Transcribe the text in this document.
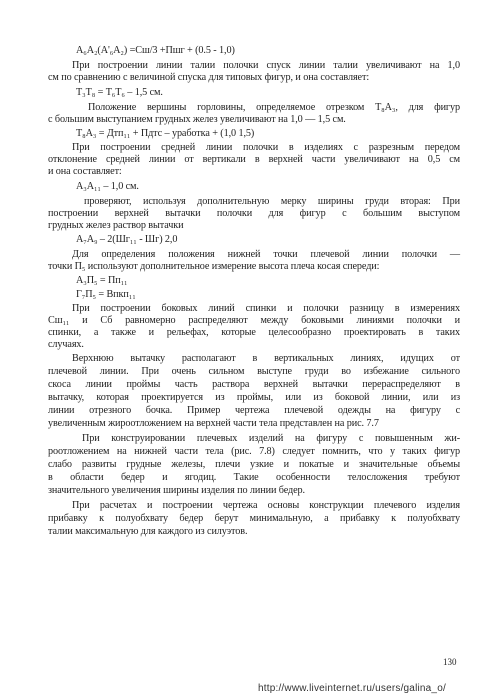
A₆A₂(A'₆A₂) =Сш/3 +Пшг + (0.5 - 1,0)
При построении линии талии полочки спуск линии талии увеличивают на 1,0
см по сравнению с величиной спуска для типовых фигур, и она составляет:
Т₃Т₈ = Т₆Т₆ – 1,5 см.
Положение вершины горловины, определяемое отрезком Т₈А₃, для фигур
с большим выступанием грудных желез увеличивают на 1,0 — 1,5 см.
Т₈А₃ = Дтп₁₁ + Пдтс – уработка + (1,0 1,5)
При построении средней линии полочки в изделиях с разрезным передом
отклонение средней линии от вертикали в верхней части увеличивают на 0,5 см
и она составляет:
А₃А₁₁ – 1,0 см.
проверяют, используя дополнительную мерку ширины груди вторая: При
построении верхней вытачки полочки для фигур с большим выступом
грудных желез раствор вытачки
А₇А₉ – 2(Шг₁₁ - Шг) 2,0
Для определения положения нижней точки плечевой линии полочки —
точки П₅ используют дополнительное измерение высота плеча косая спереди:
А₃П₅ = Пп₁₁
Г₇П₅ = Впкп₁₁
При построении боковых линий спинки и полочки разницу в измерениях
Сш₁₁ и Сб равномерно распределяют между боковыми линиями полочки и
спинки, а также и рельефах, которые целесообразно проектировать в таких
случаях.
Верхнюю вытачку располагают в вертикальных линиях, идущих от
плечевой линии. При очень сильном выступе груди во избежание сильного
скоса линии проймы часть раствора верхней вытачки перераспределяют в
вытачку, которая проектируется из проймы, или из боковой линии, или из
линии отрезного бочка. Пример чертежа плечевой одежды на фигуру с
увеличенным жироотложением на верхней части тела представлен на рис. 7.7
При конструировании плечевых изделий на фигуру с повышенным жи-
роотложением на нижней части тела (рис. 7.8) следует помнить, что у таких фигур
слабо развиты грудные железы, плечи узкие и покатые и значительные объемы
в области бедер и ягодиц. Такие особенности телосложения требуют
значительного увеличения ширины изделия по линии бедер.
При расчетах и построении чертежа основы конструкции плечевого изделия
прибавку к полуобхвату бедер берут минимальную, а прибавку к полуобхвату
талии максимальную для каждого из силуэтов.
130
http://www.liveinternet.ru/users/galina_o/
